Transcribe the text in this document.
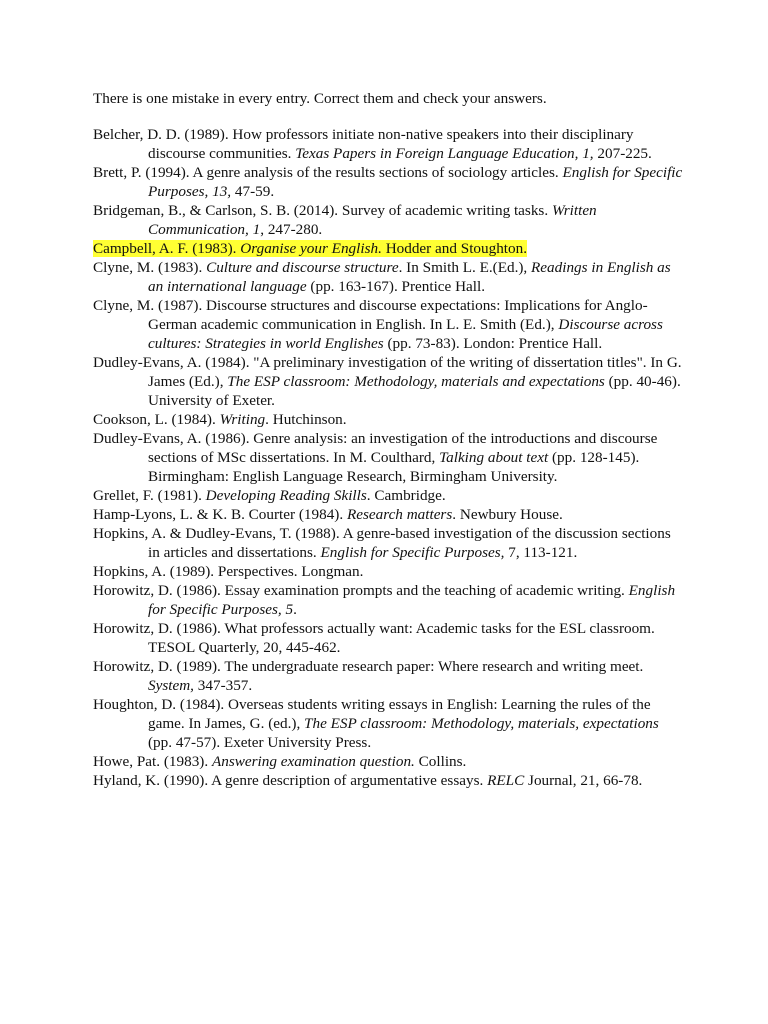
There is one mistake in every entry. Correct them and check your answers.

Belcher, D. D. (1989). How professors initiate non-native speakers into their disciplinary discourse communities. Texas Papers in Foreign Language Education, 1, 207-225.

Brett, P. (1994). A genre analysis of the results sections of sociology articles. English for Specific Purposes, 13, 47-59.

Bridgeman, B., & Carlson, S. B. (2014). Survey of academic writing tasks. Written Communication, 1, 247-280.

Campbell, A. F. (1983). Organise your English. Hodder and Stoughton.

Clyne, M. (1983). Culture and discourse structure. In Smith L. E.(Ed.), Readings in English as an international language (pp. 163-167). Prentice Hall.

Clyne, M. (1987). Discourse structures and discourse expectations: Implications for Anglo-German academic communication in English. In L. E. Smith (Ed.), Discourse across cultures: Strategies in world Englishes (pp. 73-83). London: Prentice Hall.

Dudley-Evans, A. (1984). "A preliminary investigation of the writing of dissertation titles". In G. James (Ed.), The ESP classroom: Methodology, materials and expectations (pp. 40-46). University of Exeter.

Cookson, L. (1984). Writing. Hutchinson.

Dudley-Evans, A. (1986). Genre analysis: an investigation of the introductions and discourse sections of MSc dissertations. In M. Coulthard, Talking about text (pp. 128-145). Birmingham: English Language Research, Birmingham University.

Grellet, F. (1981). Developing Reading Skills. Cambridge.

Hamp-Lyons, L. & K. B. Courter (1984). Research matters. Newbury House.

Hopkins, A. & Dudley-Evans, T. (1988). A genre-based investigation of the discussion sections in articles and dissertations. English for Specific Purposes, 7, 113-121.

Hopkins, A. (1989). Perspectives. Longman.

Horowitz, D. (1986). Essay examination prompts and the teaching of academic writing. English for Specific Purposes, 5.

Horowitz, D. (1986). What professors actually want: Academic tasks for the ESL classroom. TESOL Quarterly, 20, 445-462.

Horowitz, D. (1989). The undergraduate research paper: Where research and writing meet. System, 347-357.

Houghton, D. (1984). Overseas students writing essays in English: Learning the rules of the game. In James, G. (ed.), The ESP classroom: Methodology, materials, expectations (pp. 47-57). Exeter University Press.

Howe, Pat. (1983). Answering examination question. Collins.

Hyland, K. (1990). A genre description of argumentative essays. RELC Journal, 21, 66-78.
